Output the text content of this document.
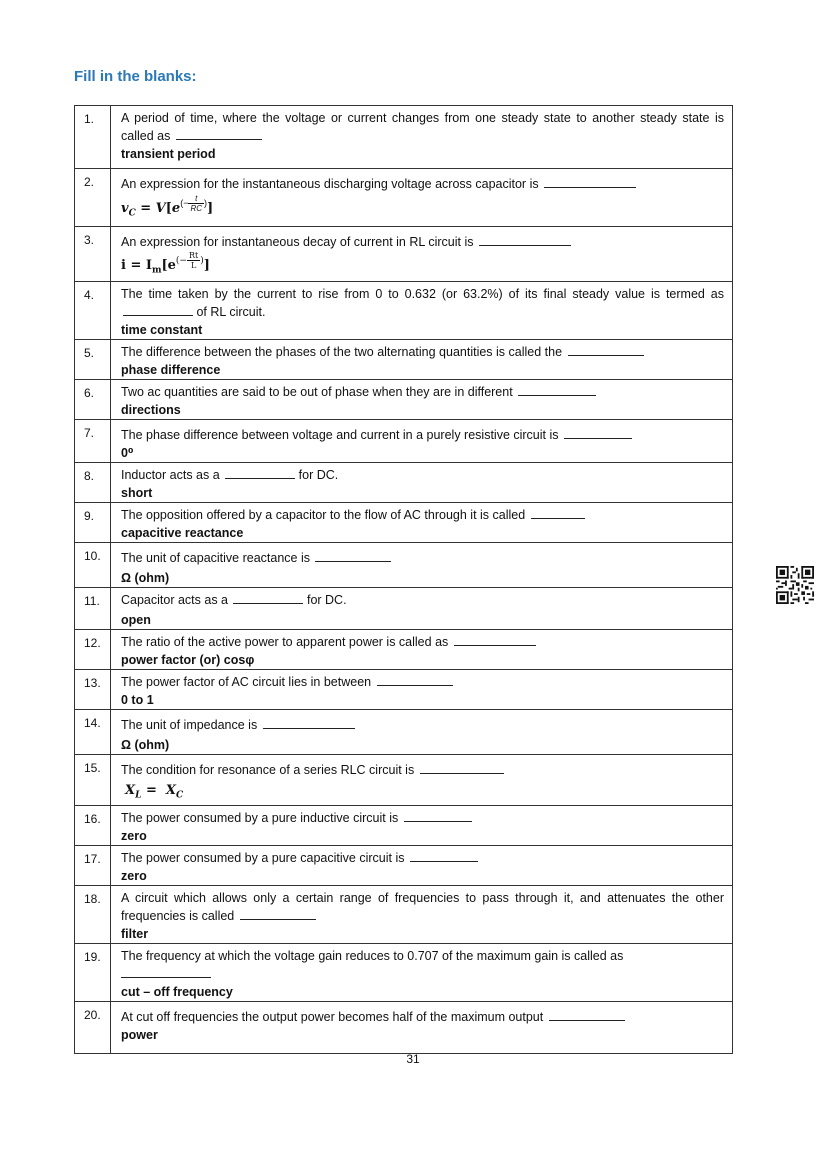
Fill in the blanks:
1.	A period of time, where the voltage or current changes from one steady state to another steady state is called as
transient period

2.	An expression for the instantaneous discharging voltage across capacitor is
$v_C = V[e^{(- \frac{t}{RC} )}]$

3.	An expression for instantaneous decay of current in RL circuit is
$i = I_m[e^{(- \frac{Rt}{L} )}]$

4.	The time taken by the current to rise from 0 to 0.632 (or 63.2%) of its final steady value is termed as  of RL circuit.
time constant

5.	The difference between the phases of the two alternating quantities is called the
phase difference

6.	Two ac quantities are said to be out of phase when they are in different
directions

7.	The phase difference between voltage and current in a purely resistive circuit is
0⁰

8.	Inductor acts as a for DC.
short

9.	The opposition offered by a capacitor to the flow of AC through it is called
capacitive reactance

10.	The unit of capacitive reactance is
Ω (ohm)

11.	Capacitor acts as a for DC.
open

12.	The ratio of the active power to apparent power is called as
power factor (or) cosφ

13.	The power factor of AC circuit lies in between
0 to 1

14.	The unit of impedance is
Ω (ohm)

15.	The condition for resonance of a series RLC circuit is
$X_L = X_C$

16.	The power consumed by a pure inductive circuit is
zero

17.	The power consumed by a pure capacitive circuit is
zero

18.	A circuit which allows only a certain range of frequencies to pass through it, and attenuates the other frequencies is called
filter

19.	The frequency at which the voltage gain reduces to 0.707 of the maximum gain is called as
cut – off frequency

20.	At cut off frequencies the output power becomes half of the maximum output
power
31
